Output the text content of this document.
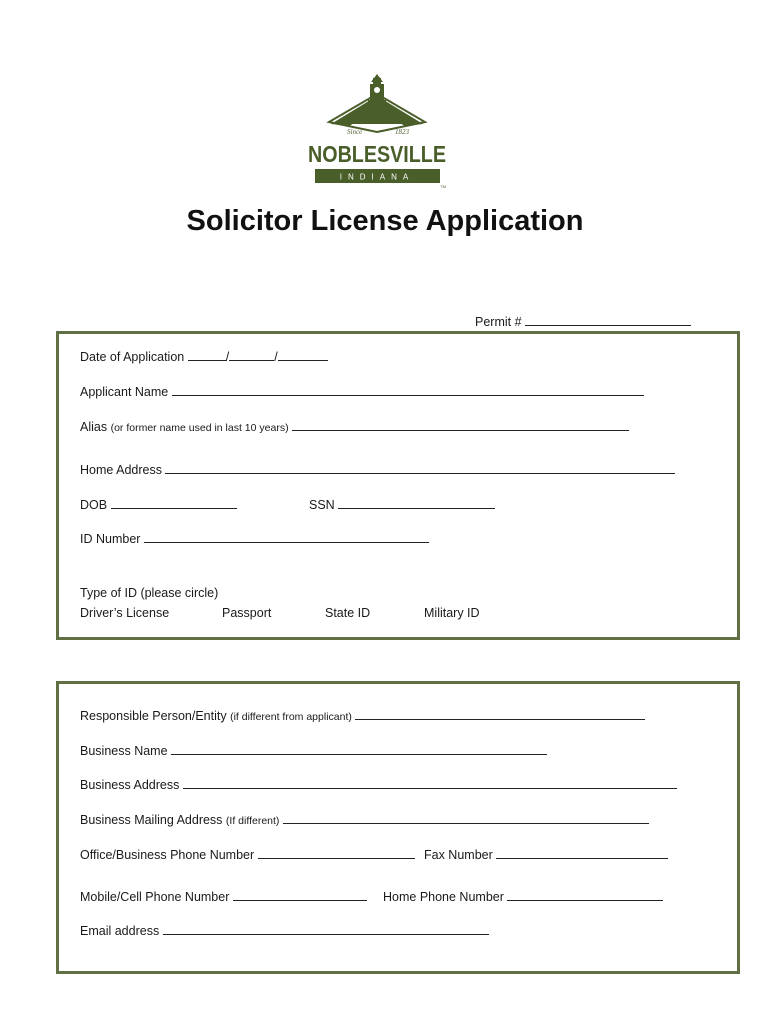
Since	1823
NOBLESVILLE
INDIANA
TM
Solicitor License Application
Permit #
Date of Application	/	/
Applicant Name
Alias (or former name used in last 10 years)
Home Address
DOB	SSN
ID Number
Type of ID (please circle)
Driver’s License	Passport	State ID	Military ID
Responsible Person/Entity (if different from applicant)
Business Name
Business Address
Business Mailing Address (If different)
Office/Business Phone Number	Fax Number
Mobile/Cell Phone Number	Home Phone Number
Email address
